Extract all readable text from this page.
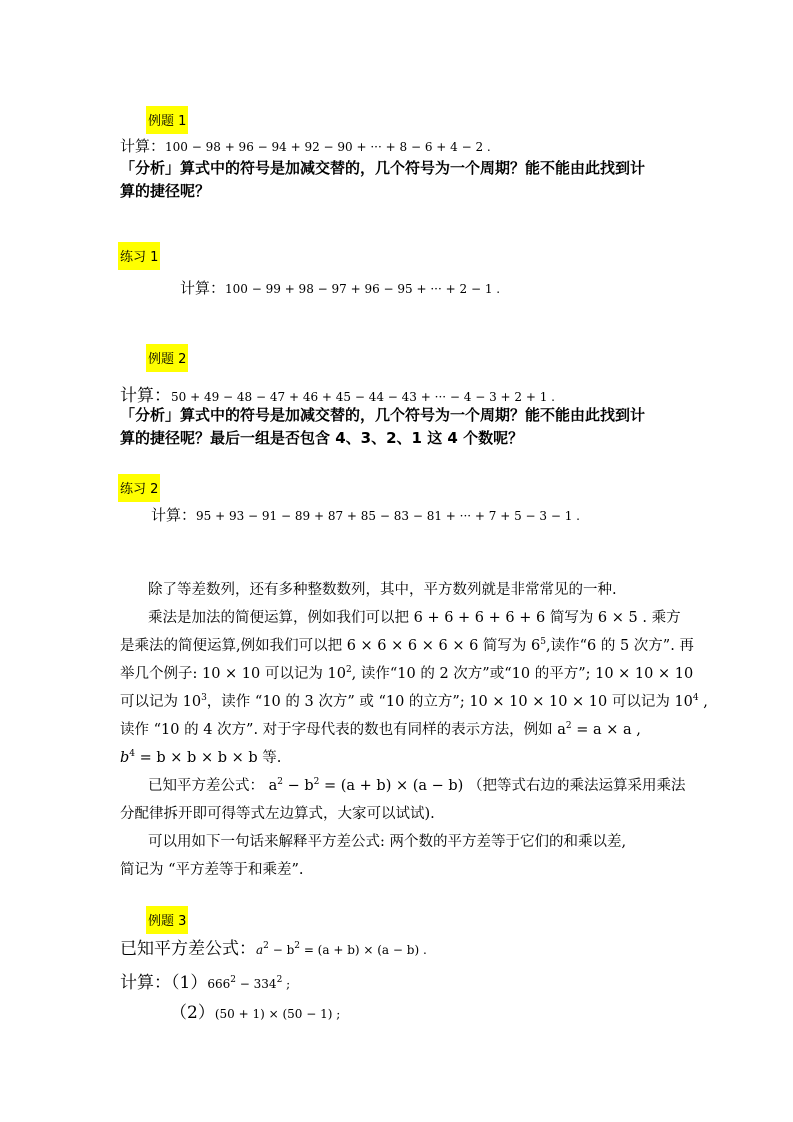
例题 1
计算：100 − 98 + 96 − 94 + 92 − 90 + ··· + 8 − 6 + 4 − 2 .
「分析」算式中的符号是加减交替的，几个符号为一个周期？能不能由此找到计
算的捷径呢？
练习 1
计算：100 − 99 + 98 − 97 + 96 − 95 + ··· + 2 − 1 .
例题 2
计算：50 + 49 − 48 − 47 + 46 + 45 − 44 − 43 + ··· − 4 − 3 + 2 + 1 .
「分析」算式中的符号是加减交替的，几个符号为一个周期？能不能由此找到计
算的捷径呢？最后一组是否包含 4、3、2、1 这 4 个数呢？
练习 2
计算：95 + 93 − 91 − 89 + 87 + 85 − 83 − 81 + ··· + 7 + 5 − 3 − 1 .
除了等差数列，还有多种整数数列，其中，平方数列就是非常常见的一种.
乘法是加法的简便运算，例如我们可以把 6 + 6 + 6 + 6 + 6 简写为 6 × 5 . 乘方
是乘法的简便运算,例如我们可以把 6 × 6 × 6 × 6 × 6 简写为 $6^5$,读作“6 的 5 次方”. 再
举几个例子: 10 × 10 可以记为 $10^2$, 读作“10 的 2 次方”或“10 的平方”; 10 × 10 × 10
可以记为 $10^3$，读作 “10 的 3 次方” 或 “10 的立方”; 10 × 10 × 10 × 10 可以记为 $10^4$ ,
读作 “10 的 4 次方”. 对于字母代表的数也有同样的表示方法，例如 $a^2 = a \times a$ ,
$b^4 = b \times b \times b \times b$ 等.
已知平方差公式： $a^2 - b^2 = (a + b) \times (a - b)$ （把等式右边的乘法运算采用乘法
分配律拆开即可得等式左边算式，大家可以试试).
可以用如下一句话来解释平方差公式: 两个数的平方差等于它们的和乘以差,
简记为 “平方差等于和乘差”.
例题 3
已知平方差公式：$a^2 - b^2 = (a + b) \times (a - b)$ .
计算：$(1)666^2 - 334^2$ ;
（2）(50 + 1) × (50 − 1) ;
